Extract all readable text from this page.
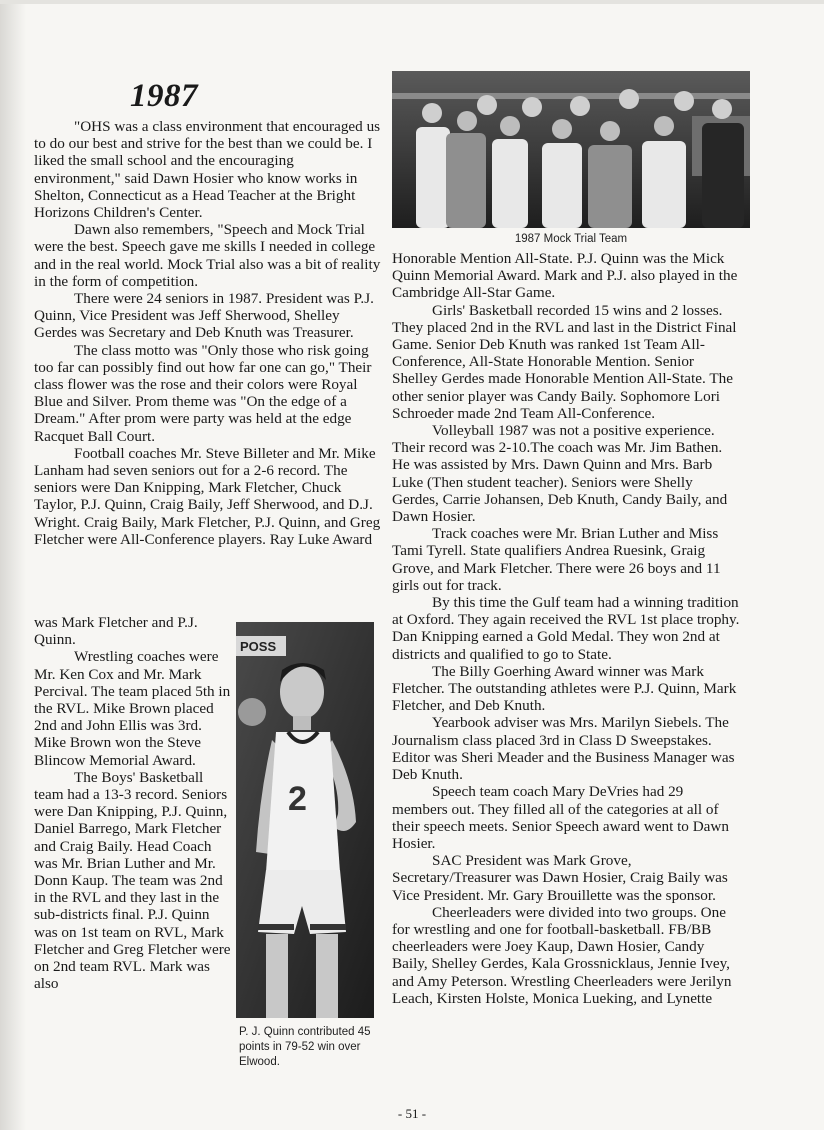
1987

"OHS was a class environment that encouraged us to do our best and strive for the best than we could be. I liked the small school and the encouraging environment," said Dawn Hosier who know works in Shelton, Connecticut as a Head Teacher at the Bright Horizons Children's Center.

Dawn also remembers, "Speech and Mock Trial were the best. Speech gave me skills I needed in college and in the real world. Mock Trial also was a bit of reality in the form of competition.

There were 24 seniors in 1987. President was P.J. Quinn, Vice President was Jeff Sherwood, Shelley Gerdes was Secretary and Deb Knuth was Treasurer.

The class motto was "Only those who risk going too far can possibly find out how far one can go," Their class flower was the rose and their colors were Royal Blue and Silver. Prom theme was "On the edge of a Dream." After prom were party was held at the edge Racquet Ball Court.

Football coaches Mr. Steve Billeter and Mr. Mike Lanham had seven seniors out for a 2-6 record. The seniors were Dan Knipping, Mark Fletcher, Chuck Taylor, P.J. Quinn, Craig Baily, Jeff Sherwood, and D.J. Wright. Craig Baily, Mark Fletcher, P.J. Quinn, and Greg Fletcher were All-Conference players. Ray Luke Award

was Mark Fletcher and P.J. Quinn.

Wrestling coaches were Mr. Ken Cox and Mr. Mark Percival. The team placed 5th in the RVL. Mike Brown placed 2nd and John Ellis was 3rd. Mike Brown won the Steve Blincow Memorial Award.

The Boys' Basketball team had a 13-3 record. Seniors were Dan Knipping, P.J. Quinn, Daniel Barrego, Mark Fletcher and Craig Baily. Head Coach was Mr. Brian Luther and Mr. Donn Kaup. The team was 2nd in the RVL and they last in the sub-districts final. P.J. Quinn was on 1st team on RVL, Mark Fletcher and Greg Fletcher were on 2nd team RVL. Mark was also

1987 Mock Trial Team

Honorable Mention All-State. P.J. Quinn was the Mick Quinn Memorial Award. Mark and P.J. also played in the Cambridge All-Star Game.

Girls' Basketball recorded 15 wins and 2 losses. They placed 2nd in the RVL and last in the District Final Game. Senior Deb Knuth was ranked 1st Team All-Conference, All-State Honorable Mention. Senior Shelley Gerdes made Honorable Mention All-State. The other senior player was Candy Baily. Sophomore Lori Schroeder made 2nd Team All-Conference.

Volleyball 1987 was not a positive experience. Their record was 2-10.The coach was Mr. Jim Bathen. He was assisted by Mrs. Dawn Quinn and Mrs. Barb Luke (Then student teacher). Seniors were Shelly Gerdes, Carrie Johansen, Deb Knuth, Candy Baily, and Dawn Hosier.

Track coaches were Mr. Brian Luther and Miss Tami Tyrell. State qualifiers Andrea Ruesink, Graig Grove, and Mark Fletcher. There were 26 boys and 11 girls out for track.

By this time the Gulf team had a winning tradition at Oxford. They again received the RVL 1st place trophy. Dan Knipping earned a Gold Medal. They won 2nd at districts and qualified to go to State.

The Billy Goerhing Award winner was Mark Fletcher. The outstanding athletes were P.J. Quinn, Mark Fletcher, and Deb Knuth.

Yearbook adviser was Mrs. Marilyn Siebels. The Journalism class placed 3rd in Class D Sweepstakes. Editor was Sheri Meader and the Business Manager was Deb Knuth.

Speech team coach Mary DeVries had 29 members out. They filled all of the categories at all of their speech meets. Senior Speech award went to Dawn Hosier.

SAC President was Mark Grove, Secretary/Treasurer was Dawn Hosier, Craig Baily was Vice President. Mr. Gary Brouillette was the sponsor.

Cheerleaders were divided into two groups. One for wrestling and one for football-basketball. FB/BB cheerleaders were Joey Kaup, Dawn Hosier, Candy Baily, Shelley Gerdes, Kala Grossnicklaus, Jennie Ivey, and Amy Peterson. Wrestling Cheerleaders were Jerilyn Leach, Kirsten Holste, Monica Lueking, and Lynette

POSS
2
P. J. Quinn contributed 45 points in 79-52 win over Elwood.
- 51 -
